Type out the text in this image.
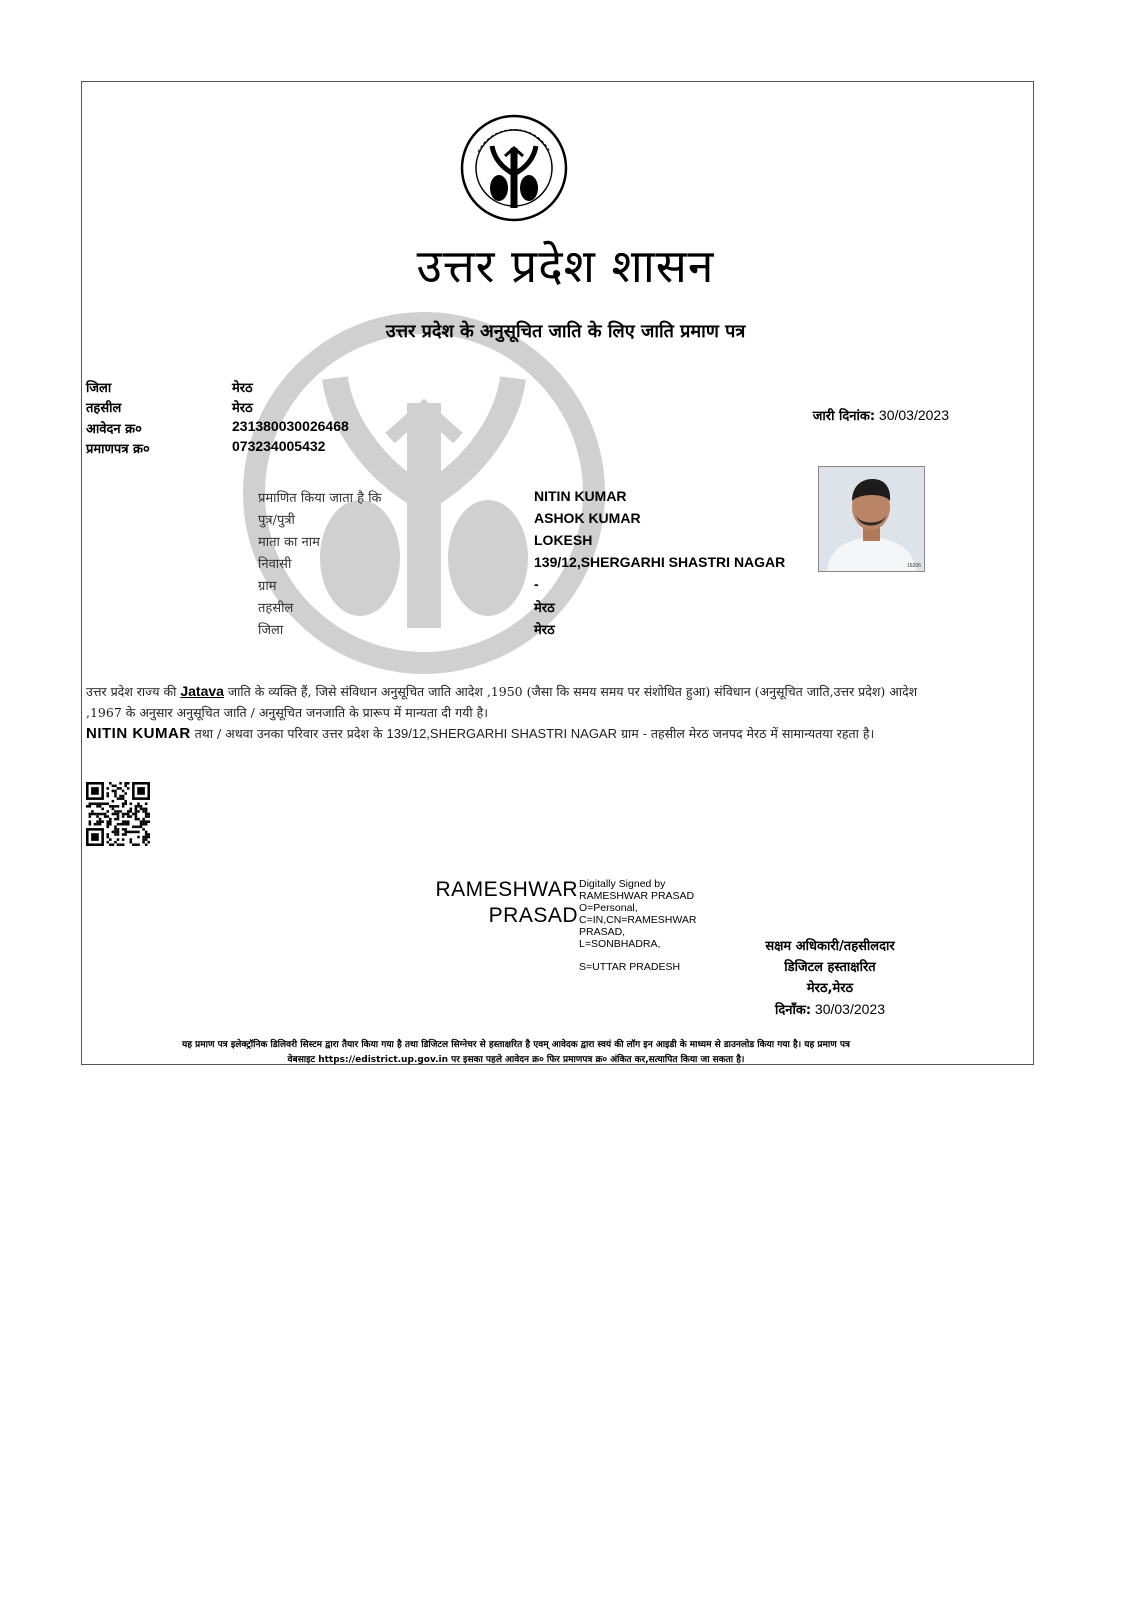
उत्तर प्रदेश शासन
उत्तर प्रदेश के अनुसूचित जाति के लिए जाति प्रमाण पत्र
जिला	मेरठ
तहसील	मेरठ
आवेदन क्र०	231380030026468
प्रमाणपत्र क्र०	073234005432
जारी दिनांक: 30/03/2023
प्रमाणित किया जाता है कि	NITIN KUMAR
पुत्र/पुत्री	ASHOK KUMAR
माता का नाम	LOKESH
निवासी	139/12,SHERGARHI SHASTRI NAGAR
ग्राम	-
तहसील	मेरठ
जिला	मेरठ
16206
उत्तर प्रदेश राज्य की Jatava जाति के व्यक्ति हैं, जिसे संविधान अनुसूचित जाति आदेश ,1950 (जैसा कि समय समय पर संशोधित हुआ) संविधान (अनुसूचित जाति,उत्तर प्रदेश) आदेश ,1967 के अनुसार अनुसूचित जाति / अनुसूचित जनजाति के प्रारूप में मान्यता दी गयी है।
NITIN KUMAR तथा / अथवा उनका परिवार उत्तर प्रदेश के 139/12,SHERGARHI SHASTRI NAGAR ग्राम - तहसील मेरठ जनपद मेरठ में सामान्यतया रहता है।
RAMESHWAR
PRASAD
Digitally Signed by
RAMESHWAR PRASAD
O=Personal,
C=IN,CN=RAMESHWAR
PRASAD,
L=SONBHADRA,
S=UTTAR PRADESH
सक्षम अधिकारी/तहसीलदार
डिजिटल हस्ताक्षरित
मेरठ,मेरठ
दिनाँक: 30/03/2023
यह प्रमाण पत्र इलेक्ट्रॉनिक डिलिवरी सिस्टम द्वारा तैयार किया गया है तथा डिजिटल सिग्नेचर से हस्ताक्षरित है एवम् आवेदक द्वारा स्वयं की लॉग इन आइडी के माध्यम से डाउनलोड किया गया है। यह प्रमाण पत्र
वेबसाइट https://edistrict.up.gov.in पर इसका पहले आवेदन क्र० फिर प्रमाणपत्र क्र० अंकित कर,सत्यापित किया जा सकता है।
